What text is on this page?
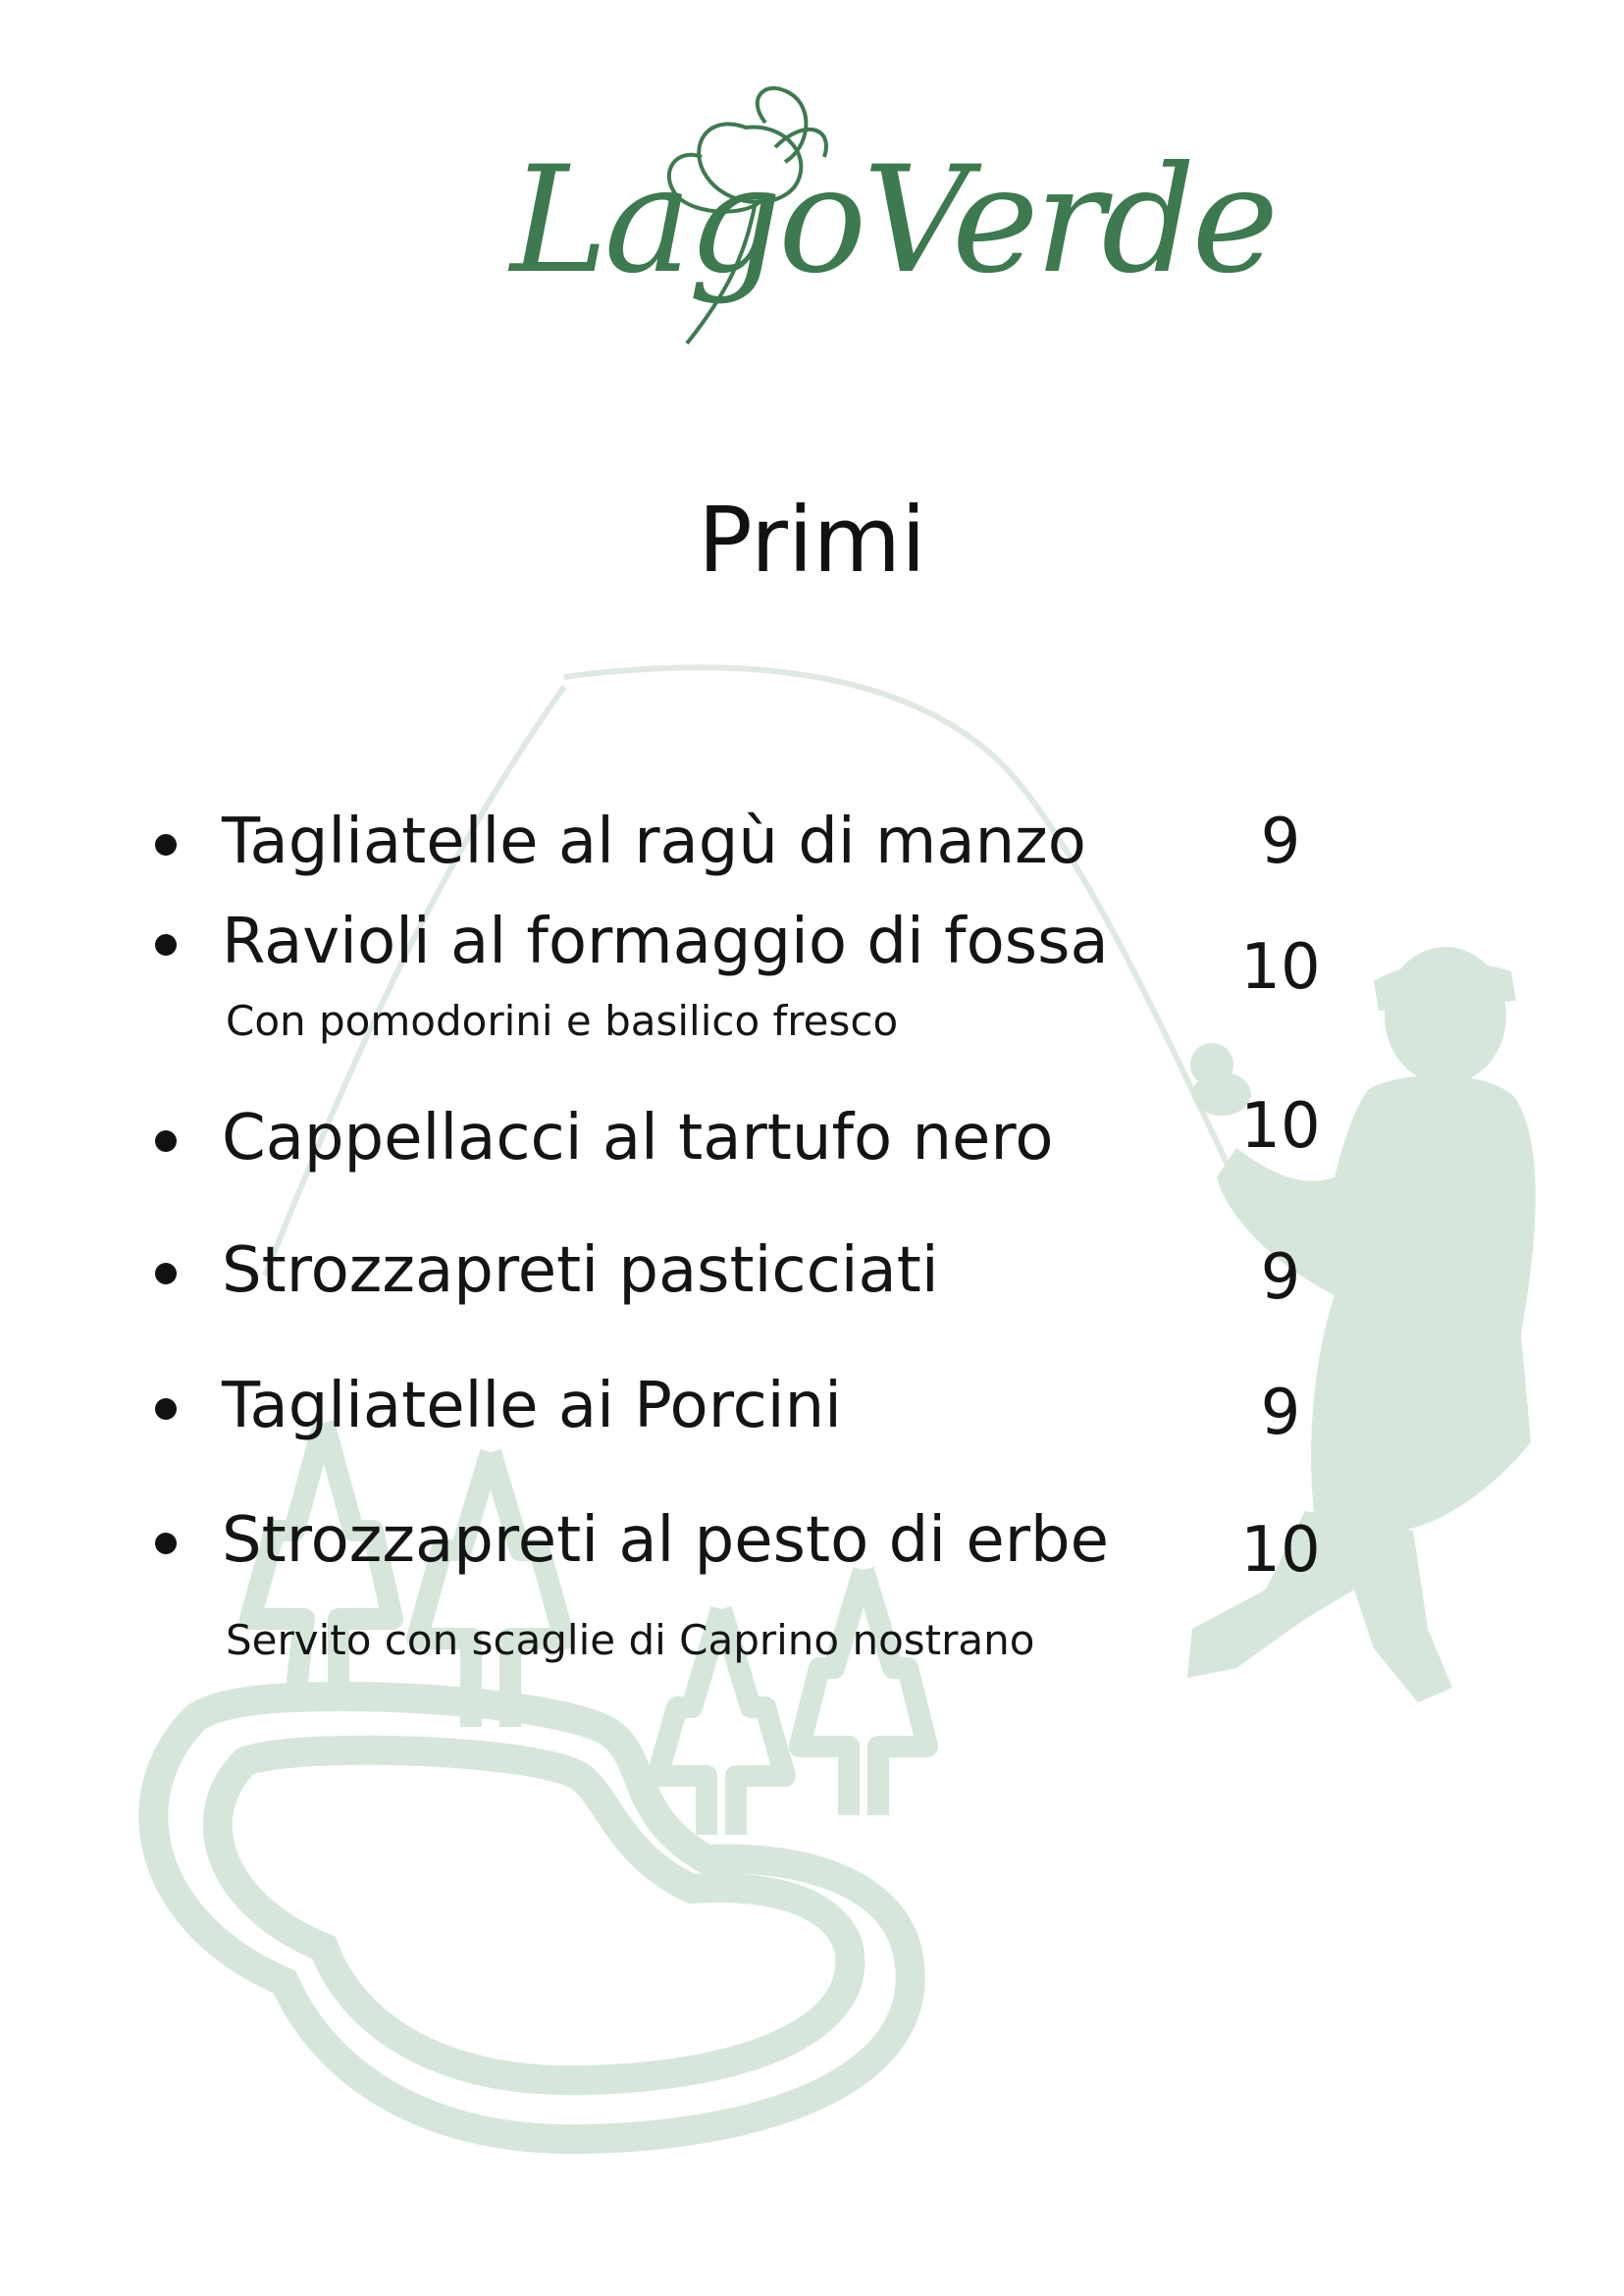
LagoVerde
Primi
Tagliatelle al ragù di manzo	9
Ravioli al formaggio di fossa	10
Con pomodorini e basilico fresco
Cappellacci al tartufo nero	10
Strozzapreti pasticciati	9
Tagliatelle ai Porcini	9
Strozzapreti al pesto di erbe	10
Servito con scaglie di Caprino nostrano
